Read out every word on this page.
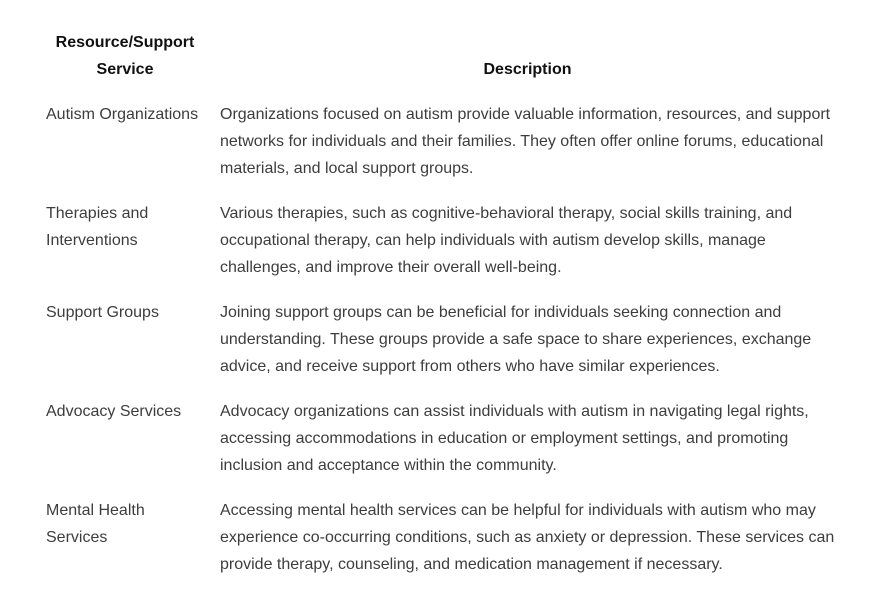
Resource/Support Service	Description
Autism Organizations	Organizations focused on autism provide valuable information, resources, and support networks for individuals and their families. They often offer online forums, educational materials, and local support groups.
Therapies and Interventions	Various therapies, such as cognitive-behavioral therapy, social skills training, and occupational therapy, can help individuals with autism develop skills, manage challenges, and improve their overall well-being.
Support Groups	Joining support groups can be beneficial for individuals seeking connection and understanding. These groups provide a safe space to share experiences, exchange advice, and receive support from others who have similar experiences.
Advocacy Services	Advocacy organizations can assist individuals with autism in navigating legal rights, accessing accommodations in education or employment settings, and promoting inclusion and acceptance within the community.
Mental Health Services	Accessing mental health services can be helpful for individuals with autism who may experience co-occurring conditions, such as anxiety or depression. These services can provide therapy, counseling, and medication management if necessary.
